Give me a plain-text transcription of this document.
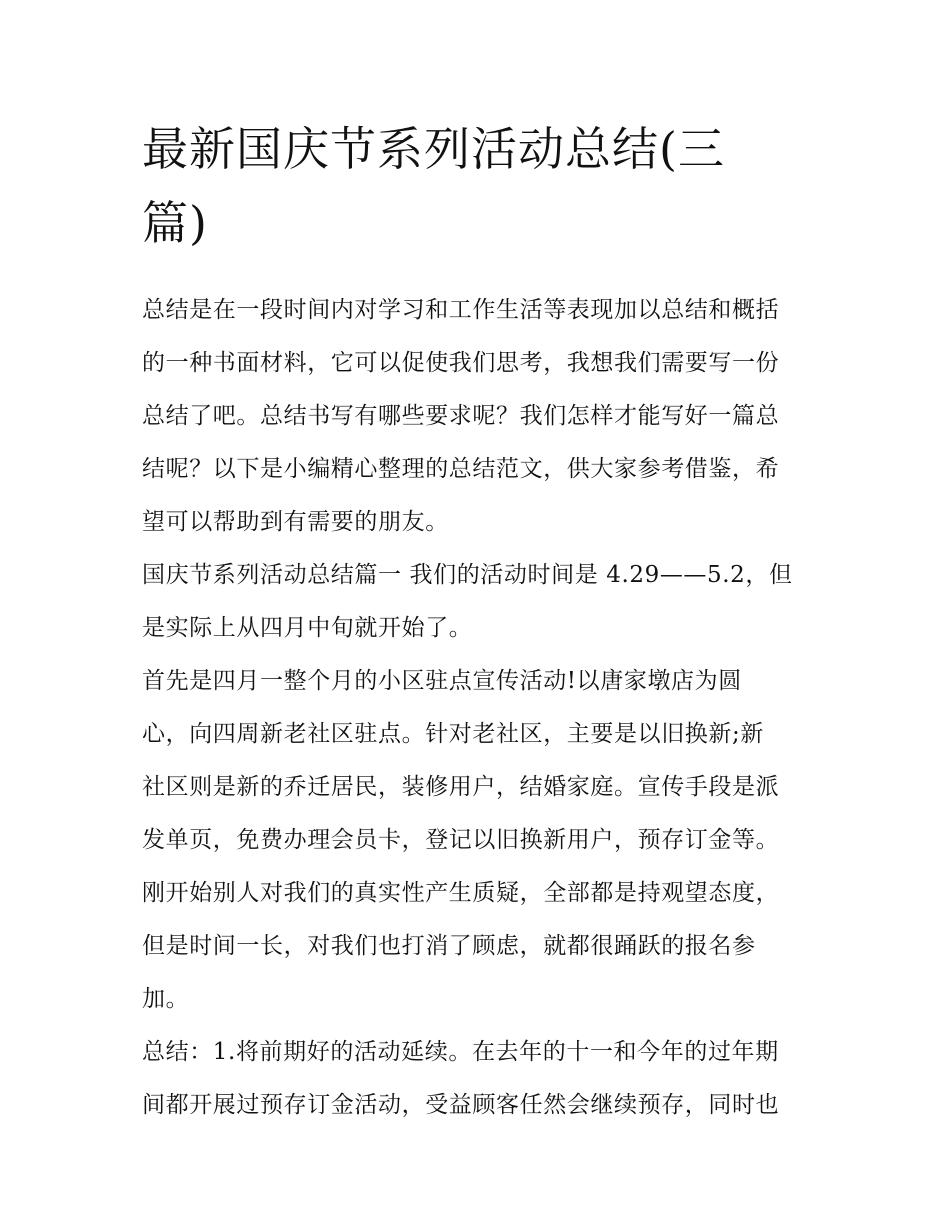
最新国庆节系列活动总结(三
篇)

总结是在一段时间内对学习和工作生活等表现加以总结和概括
的一种书面材料，它可以促使我们思考，我想我们需要写一份
总结了吧。总结书写有哪些要求呢？我们怎样才能写好一篇总
结呢？以下是小编精心整理的总结范文，供大家参考借鉴，希
望可以帮助到有需要的朋友。

国庆节系列活动总结篇一 我们的活动时间是 4.29——5.2，但
是实际上从四月中旬就开始了。

首先是四月一整个月的小区驻点宣传活动!以唐家墩店为圆
心，向四周新老社区驻点。针对老社区，主要是以旧换新;新
社区则是新的乔迁居民，装修用户，结婚家庭。宣传手段是派
发单页，免费办理会员卡，登记以旧换新用户，预存订金等。
刚开始别人对我们的真实性产生质疑，全部都是持观望态度，
但是时间一长，对我们也打消了顾虑，就都很踊跃的报名参
加。

总结：1.将前期好的活动延续。在去年的十一和今年的过年期
间都开展过预存订金活动，受益顾客任然会继续预存，同时也
